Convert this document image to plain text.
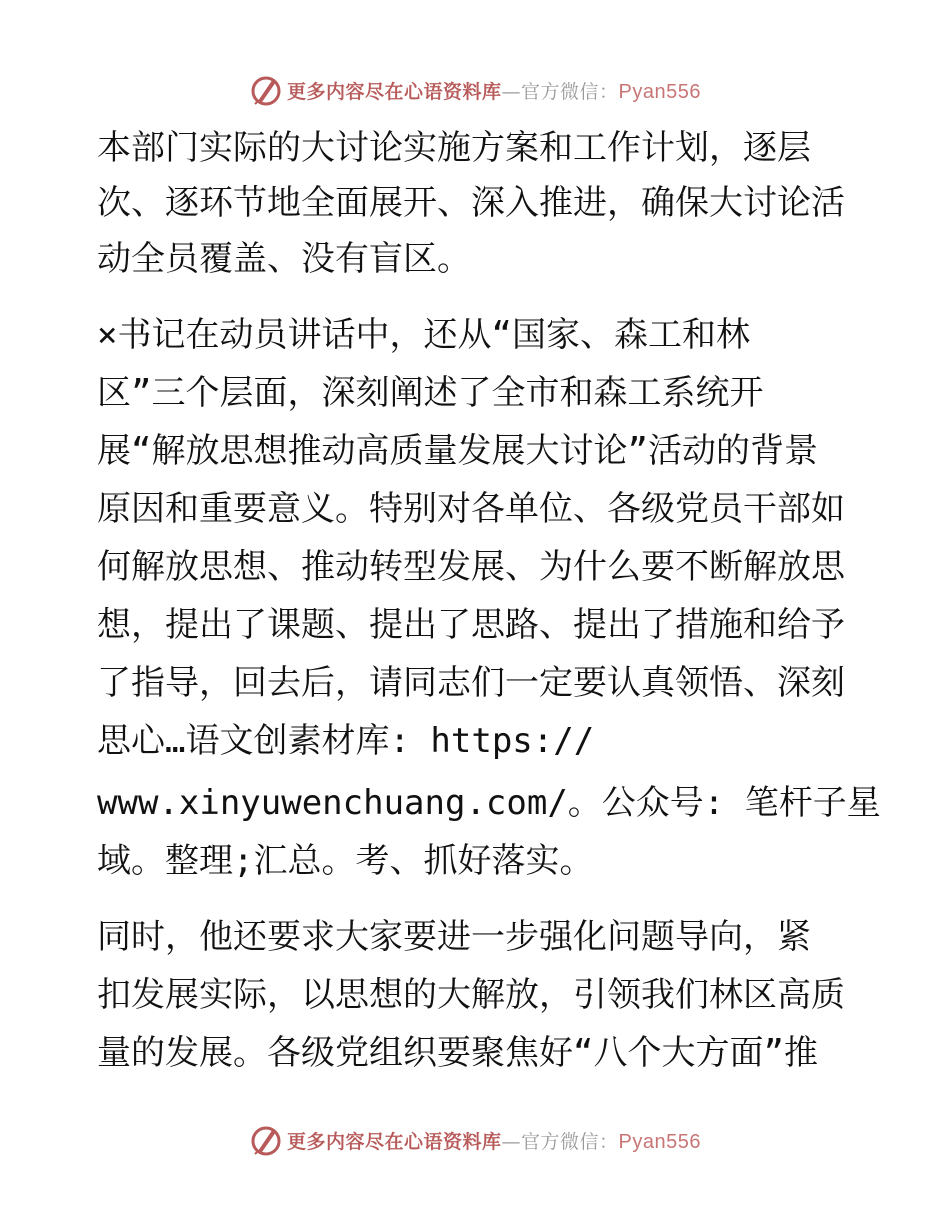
更多内容尽在心语资料库—官方微信：Pyan556
本部门实际的大讨论实施方案和工作计划，逐层
次、逐环节地全面展开、深入推进，确保大讨论活
动全员覆盖、没有盲区。
×书记在动员讲话中，还从“国家、森工和林
区”三个层面，深刻阐述了全市和森工系统开
展“解放思想推动高质量发展大讨论”活动的背景
原因和重要意义。特别对各单位、各级党员干部如
何解放思想、推动转型发展、为什么要不断解放思
想，提出了课题、提出了思路、提出了措施和给予
了指导，回去后，请同志们一定要认真领悟、深刻
思心…语文创素材库: https://
www.xinyuwenchuang.com/。公众号: 笔杆子星
域。整理;汇总。考、抓好落实。
同时，他还要求大家要进一步强化问题导向，紧
扣发展实际，以思想的大解放，引领我们林区高质
量的发展。各级党组织要聚焦好“八个大方面”推
更多内容尽在心语资料库—官方微信：Pyan556
